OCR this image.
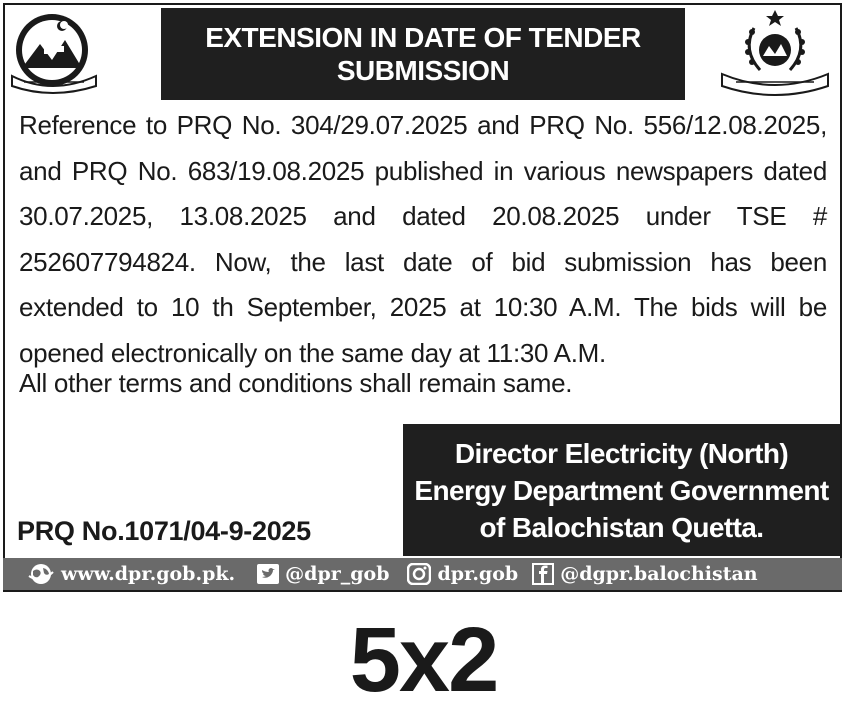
EXTENSION IN DATE OF TENDER
SUBMISSION

Reference to PRQ No. 304/29.07.2025 and PRQ No. 556/12.08.2025, and PRQ No. 683/19.08.2025 published in various newspapers dated 30.07.2025, 13.08.2025 and dated 20.08.2025 under TSE # 252607794824. Now, the last date of bid submission has been extended to 10 th September, 2025 at 10:30 A.M. The bids will be opened electronically on the same day at 11:30 A.M.

All other terms and conditions shall remain same.

PRQ No.1071/04-9-2025
Director Electricity (North)
Energy Department Government
of Balochistan Quetta.
www.dpr.gob.pk.	@dpr_gob	dpr.gob @dgpr.balochistan
5x2
